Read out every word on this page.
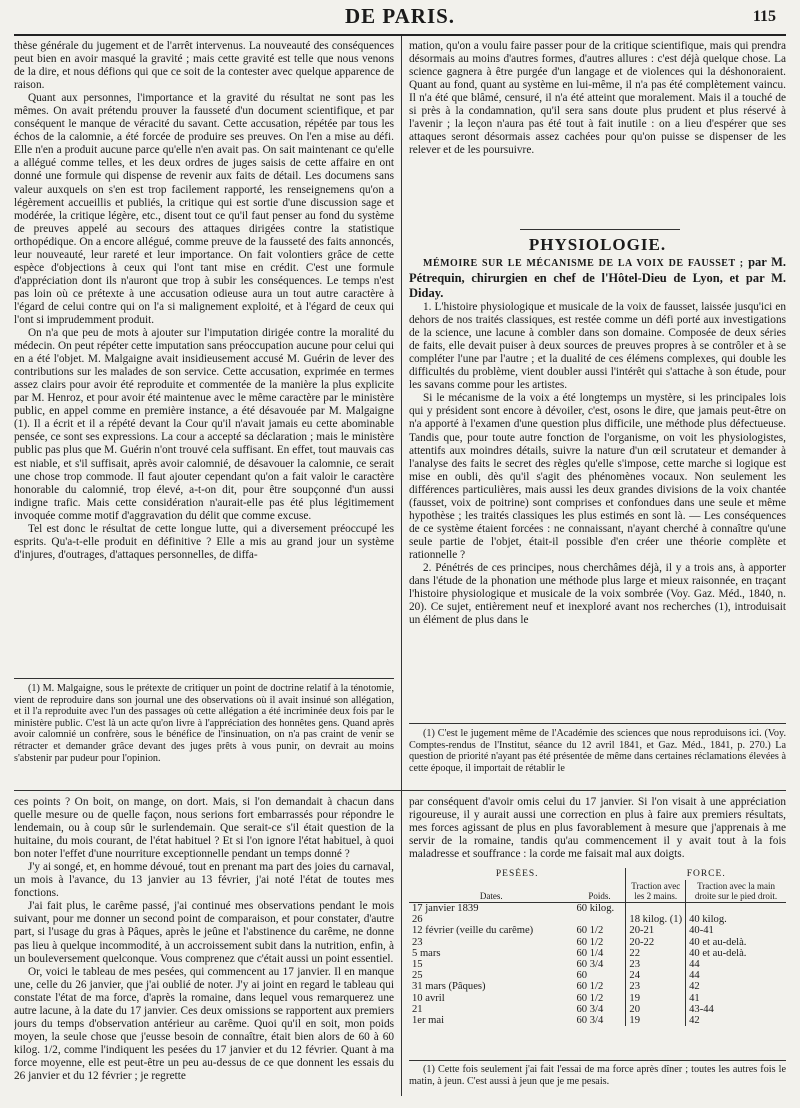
DE PARIS.	115

thèse générale du jugement et de l'arrêt intervenus. La nouveauté des conséquences peut bien en avoir masqué la gravité ; mais cette gravité est telle que nous venons de la dire, et nous défions qui que ce soit de la contester avec quelque apparence de raison.

Quant aux personnes, l'importance et la gravité du résultat ne sont pas les mêmes. On avait prétendu prouver la fausseté d'un document scientifique, et par conséquent le manque de véracité du savant. Cette accusation, répétée par tous les échos de la calomnie, a été forcée de produire ses preuves. On l'en a mise au défi. Elle n'en a produit aucune parce qu'elle n'en avait pas. On sait maintenant ce qu'elle a allégué comme telles, et les deux ordres de juges saisis de cette affaire en ont donné une formule qui dispense de revenir aux faits de détail. Les documens sans valeur auxquels on s'en est trop facilement rapporté, les renseignemens qu'on a légèrement accueillis et publiés, la critique qui est sortie d'une discussion sage et modérée, la critique légère, etc., disent tout ce qu'il faut penser au fond du système de preuves appelé au secours des attaques dirigées contre la statistique orthopédique. On a encore allégué, comme preuve de la fausseté des faits annoncés, leur nouveauté, leur rareté et leur importance. On fait volontiers grâce de cette espèce d'objections à ceux qui l'ont tant mise en crédit. C'est une formule d'appréciation dont ils n'auront que trop à subir les conséquences. Le temps n'est pas loin où ce prétexte à une accusation odieuse aura un tout autre caractère à l'égard de celui contre qui on l'a si malignement exploité, et à l'égard de ceux qui l'ont si imprudemment produit.

On n'a que peu de mots à ajouter sur l'imputation dirigée contre la moralité du médecin. On peut répéter cette imputation sans préoccupation aucune pour celui qui en a été l'objet. M. Malgaigne avait insidieusement accusé M. Guérin de lever des contributions sur les malades de son service. Cette accusation, exprimée en termes assez clairs pour avoir été reproduite et commentée de la manière la plus explicite par M. Henroz, et pour avoir été maintenue avec le même caractère par le ministère public, en appel comme en première instance, a été désavouée par M. Malgaigne (1). Il a écrit et il a répété devant la Cour qu'il n'avait jamais eu cette abominable pensée, ce sont ses expressions. La cour a accepté sa déclaration ; mais le ministère public pas plus que M. Guérin n'ont trouvé cela suffisant. En effet, tout mauvais cas est niable, et s'il suffisait, après avoir calomnié, de désavouer la calomnie, ce serait une chose trop commode. Il faut ajouter cependant qu'on a fait valoir le caractère honorable du calomnié, trop élevé, a-t-on dit, pour être soupçonné d'un aussi indigne trafic. Mais cette considération n'aurait-elle pas été plus légitimement invoquée comme motif d'aggravation du délit que comme excuse.

Tel est donc le résultat de cette longue lutte, qui a diversement préoccupé les esprits. Qu'a-t-elle produit en définitive ? Elle a mis au grand jour un système d'injures, d'outrages, d'attaques personnelles, de diffa-

(1) M. Malgaigne, sous le prétexte de critiquer un point de doctrine relatif à la ténotomie, vient de reproduire dans son journal une des observations où il avait insinué son allégation, et il l'a reproduite avec l'un des passages où cette allégation a été incriminée deux fois par le ministère public. C'est là un acte qu'on livre à l'appréciation des honnêtes gens. Quand après avoir calomnié un confrère, sous le bénéfice de l'insinuation, on n'a pas craint de venir se rétracter et demander grâce devant des juges prêts à vous punir, on devrait au moins s'abstenir par pudeur pour l'opinion.

mation, qu'on a voulu faire passer pour de la critique scientifique, mais qui prendra désormais au moins d'autres formes, d'autres allures : c'est déjà quelque chose. La science gagnera à être purgée d'un langage et de violences qui la déshonoraient. Quant au fond, quant au système en lui-même, il n'a pas été complètement vaincu. Il n'a été que blâmé, censuré, il n'a été atteint que moralement. Mais il a touché de si près à la condamnation, qu'il sera sans doute plus prudent et plus réservé à l'avenir ; la leçon n'aura pas été tout à fait inutile : on a lieu d'espérer que ses attaques seront désormais assez cachées pour qu'on puisse se dispenser de les relever et de les poursuivre.

PHYSIOLOGIE.

MÉMOIRE SUR LE MÉCANISME DE LA VOIX DE FAUSSET ; par M. Pétrequin, chirurgien en chef de l'Hôtel-Dieu de Lyon, et par M. Diday.

1. L'histoire physiologique et musicale de la voix de fausset, laissée jusqu'ici en dehors de nos traités classiques, est restée comme un défi porté aux investigations de la science, une lacune à combler dans son domaine. Composée de deux séries de faits, elle devait puiser à deux sources de preuves propres à se contrôler et à se compléter l'une par l'autre ; et la dualité de ces élémens complexes, qui double les difficultés du problème, vient doubler aussi l'intérêt qui s'attache à son étude, pour les savans comme pour les artistes.

Si le mécanisme de la voix a été longtemps un mystère, si les principales lois qui y président sont encore à dévoiler, c'est, osons le dire, que jamais peut-être on n'a apporté à l'examen d'une question plus difficile, une méthode plus défectueuse. Tandis que, pour toute autre fonction de l'organisme, on voit les physiologistes, attentifs aux moindres détails, suivre la nature d'un œil scrutateur et demander à l'analyse des faits le secret des règles qu'elle s'impose, cette marche si logique est mise en oubli, dès qu'il s'agit des phénomènes vocaux. Non seulement les différences particulières, mais aussi les deux grandes divisions de la voix chantée (fausset, voix de poitrine) sont comprises et confondues dans une seule et même hypothèse ; les traités classiques les plus estimés en sont là. — Les conséquences de ce système étaient forcées : ne connaissant, n'ayant cherché à connaître qu'une seule partie de l'objet, était-il possible d'en créer une théorie complète et rationnelle ?

2. Pénétrés de ces principes, nous cherchâmes déjà, il y a trois ans, à apporter dans l'étude de la phonation une méthode plus large et mieux raisonnée, en traçant l'histoire physiologique et musicale de la voix sombrée (Voy. Gaz. Méd., 1840, n. 20). Ce sujet, entièrement neuf et inexploré avant nos recherches (1), introduisait un élément de plus dans le

(1) C'est le jugement même de l'Académie des sciences que nous reproduisons ici. (Voy. Comptes-rendus de l'Institut, séance du 12 avril 1841, et Gaz. Méd., 1841, p. 270.) La question de priorité n'ayant pas été présentée de même dans certaines réclamations élevées à cette époque, il importait de rétablir le

ces points ? On boit, on mange, on dort. Mais, si l'on demandait à chacun dans quelle mesure ou de quelle façon, nous serions fort embarrassés pour répondre le lendemain, ou à coup sûr le surlendemain. Que serait-ce s'il était question de la huitaine, du mois courant, de l'état habituel ? Et si l'on ignore l'état habituel, à quoi bon noter l'effet d'une nourriture exceptionnelle pendant un temps donné ?

J'y ai songé, et, en homme dévoué, tout en prenant ma part des joies du carnaval, un mois à l'avance, du 13 janvier au 13 février, j'ai noté l'état de toutes mes fonctions.

J'ai fait plus, le carême passé, j'ai continué mes observations pendant le mois suivant, pour me donner un second point de comparaison, et pour constater, d'autre part, si l'usage du gras à Pâques, après le jeûne et l'abstinence du carême, ne donne pas lieu à quelque incommodité, à un accroissement subit dans la nutrition, enfin, à un bouleversement quelconque. Vous comprenez que c'était aussi un point essentiel.

Or, voici le tableau de mes pesées, qui commencent au 17 janvier. Il en manque une, celle du 26 janvier, que j'ai oublié de noter. J'y ai joint en regard le tableau qui constate l'état de ma force, d'après la romaine, dans lequel vous remarquerez une autre lacune, à la date du 17 janvier. Ces deux omissions se rapportent aux premiers jours du temps d'observation antérieur au carême. Quoi qu'il en soit, mon poids moyen, la seule chose que j'eusse besoin de connaître, était bien alors de 60 à 60 kilog. 1/2, comme l'indiquent les pesées du 17 janvier et du 12 février. Quant à ma force moyenne, elle est peut-être un peu au-dessus de ce que donnent les essais du 26 janvier et du 12 février ; je regrette

par conséquent d'avoir omis celui du 17 janvier. Si l'on visait à une appréciation rigoureuse, il y aurait aussi une correction en plus à faire aux premiers résultats, mes forces agissant de plus en plus favorablement à mesure que j'apprenais à me servir de la romaine, tandis qu'au commencement il y avait tout à la fois maladresse et souffrance : la corde me faisait mal aux doigts.

PESÉES.		FORCE.	
Dates.	Poids.	Traction avec les 2 mains.	Traction avec la main droite sur le pied droit.
17 janvier 1839	60 kilog.		
26		18 kilog. (1)	40 kilog.
12 février (veille du carême)	60 1/2	20-21	40-41
23	60 1/2	20-22	40 et au-delà.
5 mars	60 1/4	22	40 et au-delà.
15	60 3/4	23	44
25	60	24	44
31 mars (Pâques)	60 1/2	23	42
10 avril	60 1/2	19	41
21	60 3/4	20	43-44
1er mai	60 3/4	19	42

(1) Cette fois seulement j'ai fait l'essai de ma force après dîner ; toutes les autres fois le matin, à jeun. C'est aussi à jeun que je me pesais.
